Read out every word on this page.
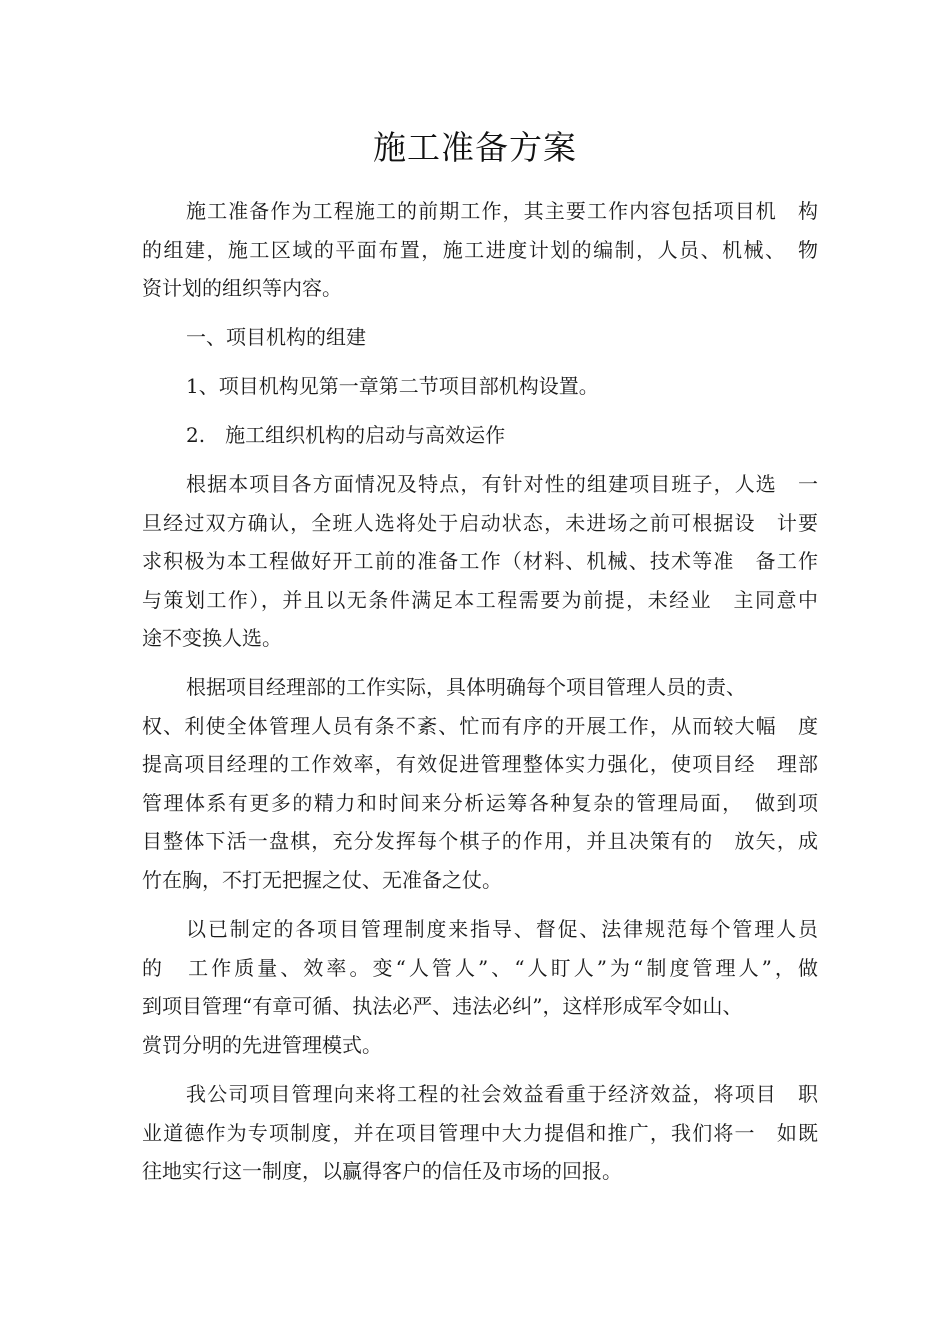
施工准备方案
施工准备作为工程施工的前期工作，其主要工作内容包括项目机　构
的组建，施工区域的平面布置，施工进度计划的编制，人员、机械、　物
资计划的组织等内容。
一、项目机构的组建
1、项目机构见第一章第二节项目部机构设置。
2.　施工组织机构的启动与高效运作
根据本项目各方面情况及特点，有针对性的组建项目班子，人选　一
旦经过双方确认，全班人选将处于启动状态，未进场之前可根据设　计要
求积极为本工程做好开工前的准备工作（材料、机械、技术等准　备工作
与策划工作），并且以无条件满足本工程需要为前提，未经业　主同意中
途不变换人选。
根据项目经理部的工作实际，具体明确每个项目管理人员的责、
权、利使全体管理人员有条不紊、忙而有序的开展工作，从而较大幅　度
提高项目经理的工作效率，有效促进管理整体实力强化，使项目经　理部
管理体系有更多的精力和时间来分析运筹各种复杂的管理局面，　做到项
目整体下活一盘棋，充分发挥每个棋子的作用，并且决策有的　放矢，成
竹在胸，不打无把握之仗、无准备之仗。
以已制定的各项目管理制度来指导、督促、法律规范每个管理人员
的　工作质量、效率。变“人管人”、“人盯人”为“制度管理人”，做
到项目管理“有章可循、执法必严、违法必纠”，这样形成军令如山、
赏罚分明的先进管理模式。
我公司项目管理向来将工程的社会效益看重于经济效益，将项目　职
业道德作为专项制度，并在项目管理中大力提倡和推广，我们将一　如既
往地实行这一制度，以赢得客户的信任及市场的回报。
